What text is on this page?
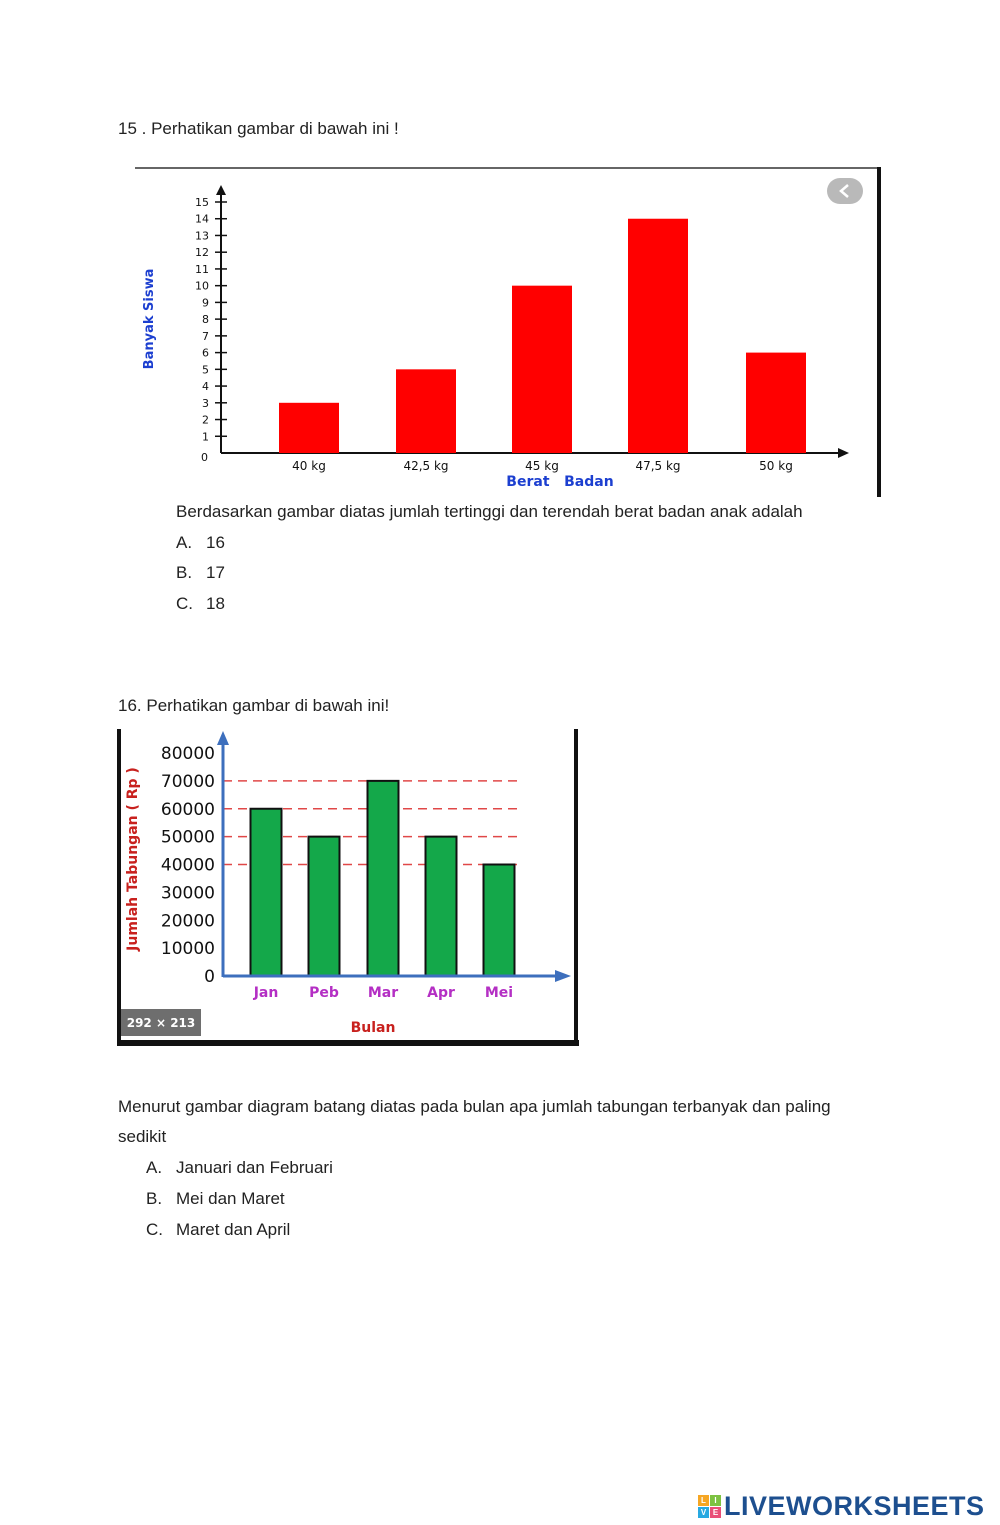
15 . Perhatikan gambar di bawah ini !
0
1
2
3
4
5
6
7
8
9
10
11
12
13
14
15
40 kg	42,5 kg	45 kg	47,5 kg	50 kg
Banyak Siswa
Berat   Badan
Berdasarkan gambar diatas jumlah tertinggi dan terendah berat badan anak adalah
A. 16
B. 17
C. 18
16. Perhatikan gambar di bawah ini!
0
10000
20000
30000
40000
50000
60000
70000
80000
Jan Peb Mar Apr Mei
Jumlah Tabungan ( Rp )
Bulan
292 × 213
Menurut gambar diagram batang diatas pada bulan apa jumlah tabungan terbanyak dan paling
sedikit
A. Januari dan Februari
B. Mei dan Maret
C. Maret dan April
L	I
V E LIVEWORKSHEETS
